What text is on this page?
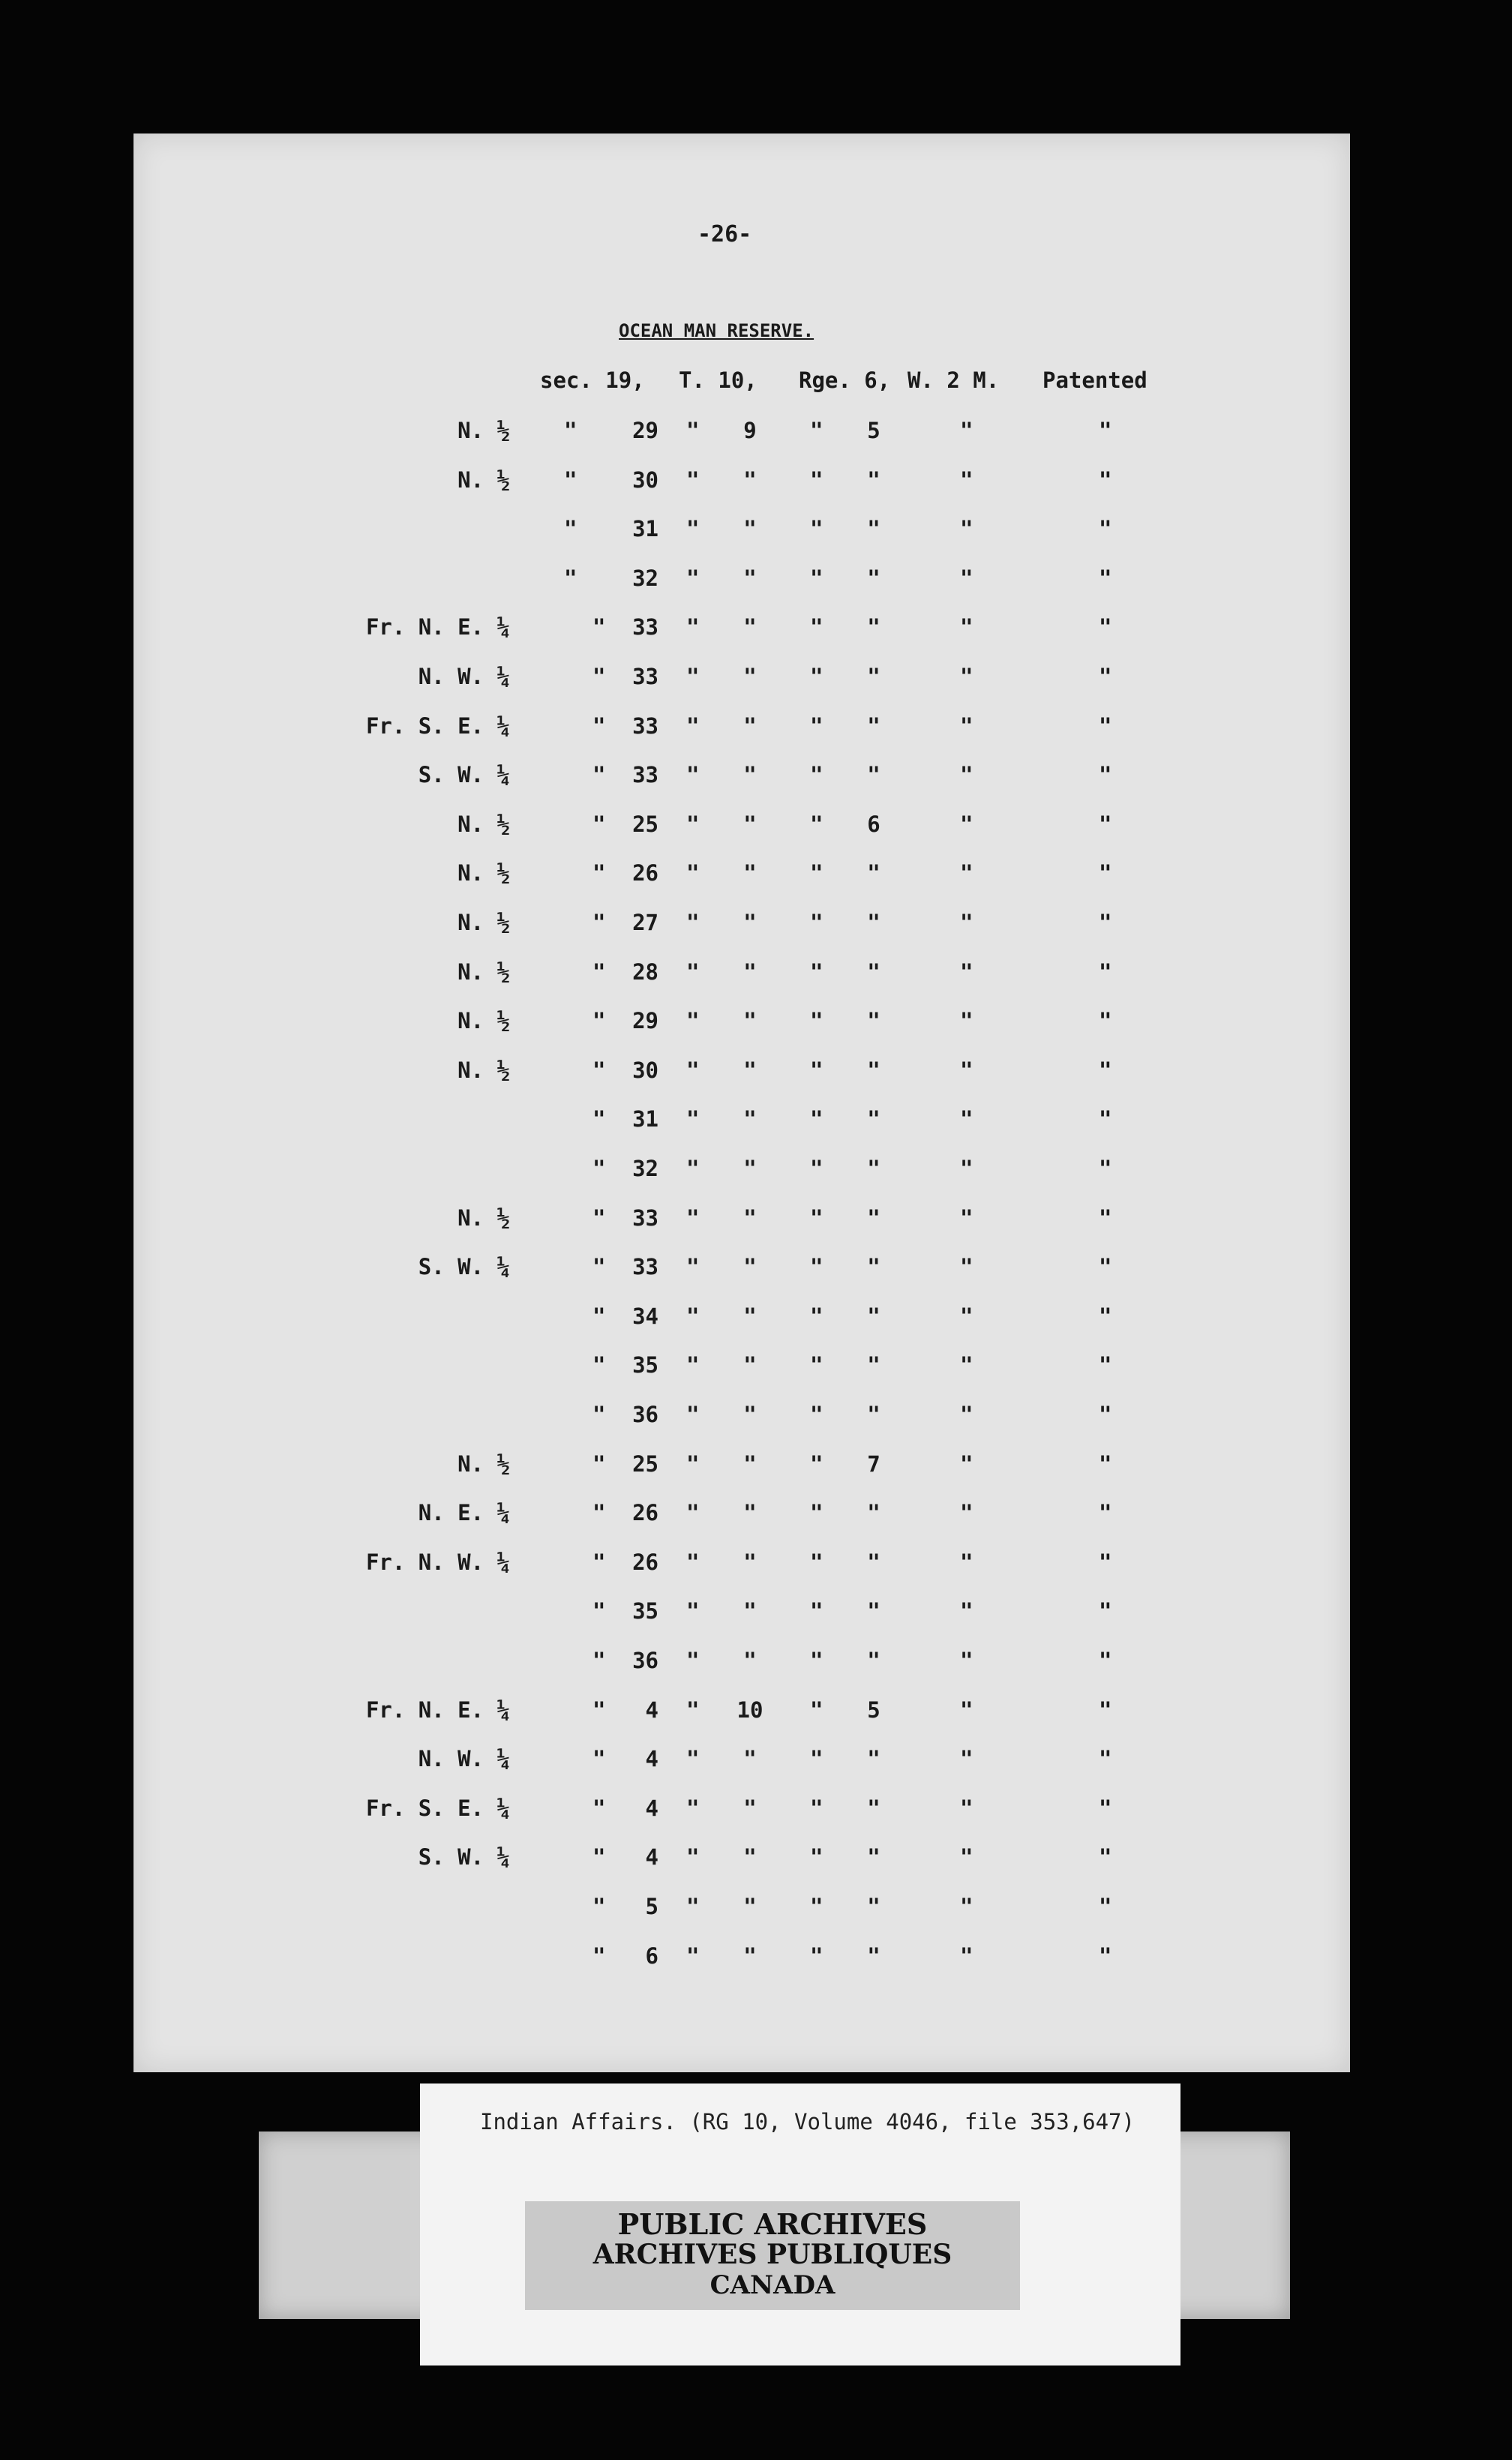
-26-
OCEAN MAN RESERVE.
sec. 19, T. 10, Rge. 6, W. 2 M. Patented
N. ½ "	29 "	9	"	5	"	"
N. ½ "	30 "	"	"	"	"	"
"	31 "	"	"	"	"	"
"	32 "	"	"	"	"	"
Fr. N. E. ¼	"	33 "	"	"	"	"	"
N. W. ¼	"	33 "	"	"	"	"	"
Fr. S. E. ¼	"	33 "	"	"	"	"	"
S. W. ¼	"	33 "	"	"	"	"	"
N. ½	"	25 "	"	"	6	"	"
N. ½	"	26 "	"	"	"	"	"
N. ½	"	27 "	"	"	"	"	"
N. ½	"	28 "	"	"	"	"	"
N. ½	"	29 "	"	"	"	"	"
N. ½	"	30 "	"	"	"	"	"
"	31 "	"	"	"	"	"
"	32 "	"	"	"	"	"
N. ½	"	33 "	"	"	"	"	"
S. W. ¼	"	33 "	"	"	"	"	"
"	34 "	"	"	"	"	"
"	35 "	"	"	"	"	"
"	36 "	"	"	"	"	"
N. ½	"	25 "	"	"	7	"	"
N. E. ¼	"	26 "	"	"	"	"	"
Fr. N. W. ¼	"	26 "	"	"	"	"	"
"	35 "	"	"	"	"	"
"	36 "	"	"	"	"	"
Fr. N. E. ¼	"	4 "	10	"	5	"	"
N. W. ¼	"	4 "	"	"	"	"	"
Fr. S. E. ¼	"	4 "	"	"	"	"	"
S. W. ¼	"	4 "	"	"	"	"	"
"	5 "	"	"	"	"	"
"	6 "	"	"	"	"	"
Indian Affairs. (RG 10, Volume 4046, file 353,647)
PUBLIC ARCHIVES
ARCHIVES PUBLIQUES
CANADA
